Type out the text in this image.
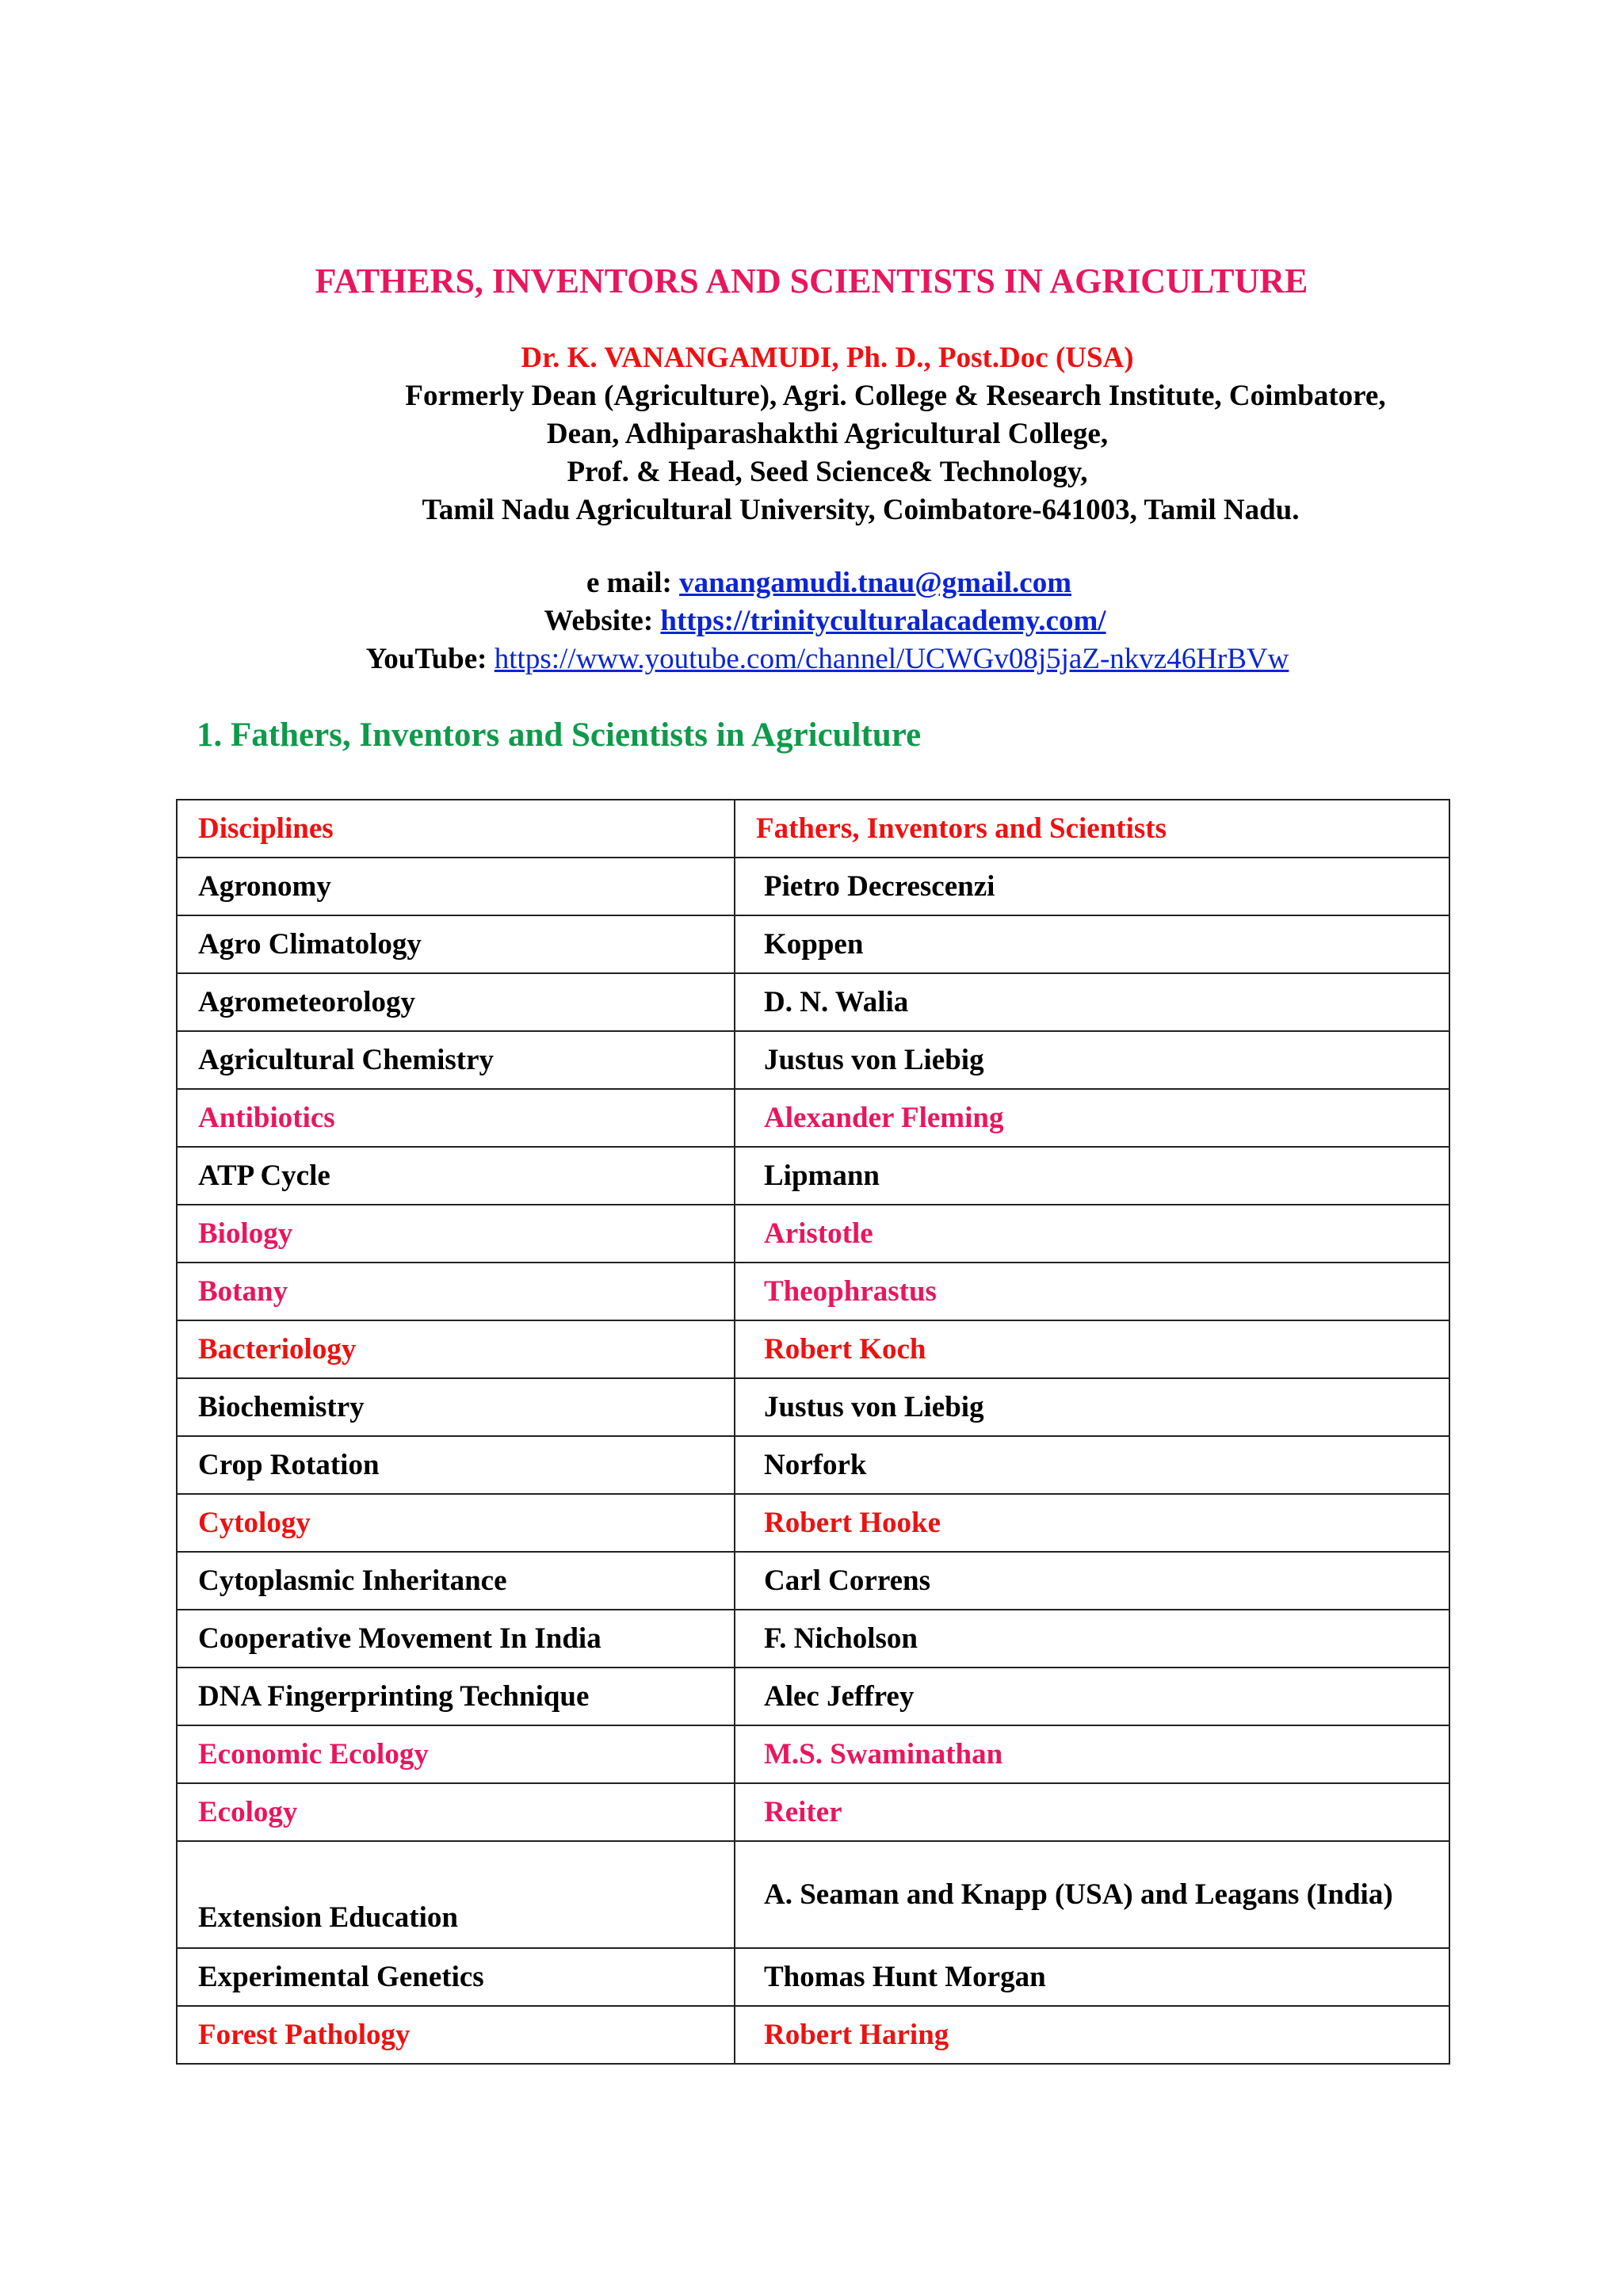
FATHERS, INVENTORS AND SCIENTISTS IN AGRICULTURE
Dr. K. VANANGAMUDI, Ph. D., Post.Doc (USA)
Formerly Dean (Agriculture), Agri. College & Research Institute, Coimbatore,
Dean, Adhiparashakthi Agricultural College,
Prof. & Head, Seed Science& Technology,
Tamil Nadu Agricultural University, Coimbatore-641003, Tamil Nadu.
e mail: vanangamudi.tnau@gmail.com
Website: https://trinityculturalacademy.com/
YouTube: https://www.youtube.com/channel/UCWGv08j5jaZ-nkvz46HrBVw
1. Fathers, Inventors and Scientists in Agriculture
Disciplines	Fathers, Inventors and Scientists
Agronomy	Pietro Decrescenzi
Agro Climatology	Koppen
Agrometeorology	D. N. Walia
Agricultural Chemistry	Justus von Liebig
Antibiotics	Alexander Fleming
ATP Cycle	Lipmann
Biology	Aristotle
Botany	Theophrastus
Bacteriology	Robert Koch
Biochemistry	Justus von Liebig
Crop Rotation	Norfork
Cytology	Robert Hooke
Cytoplasmic Inheritance	Carl Correns
Cooperative Movement In India	F. Nicholson
DNA Fingerprinting Technique	Alec Jeffrey
Economic Ecology	M.S. Swaminathan
Ecology	Reiter
Extension Education	A. Seaman and Knapp (USA) and Leagans (India)
Experimental Genetics	Thomas Hunt Morgan
Forest Pathology	Robert Haring
